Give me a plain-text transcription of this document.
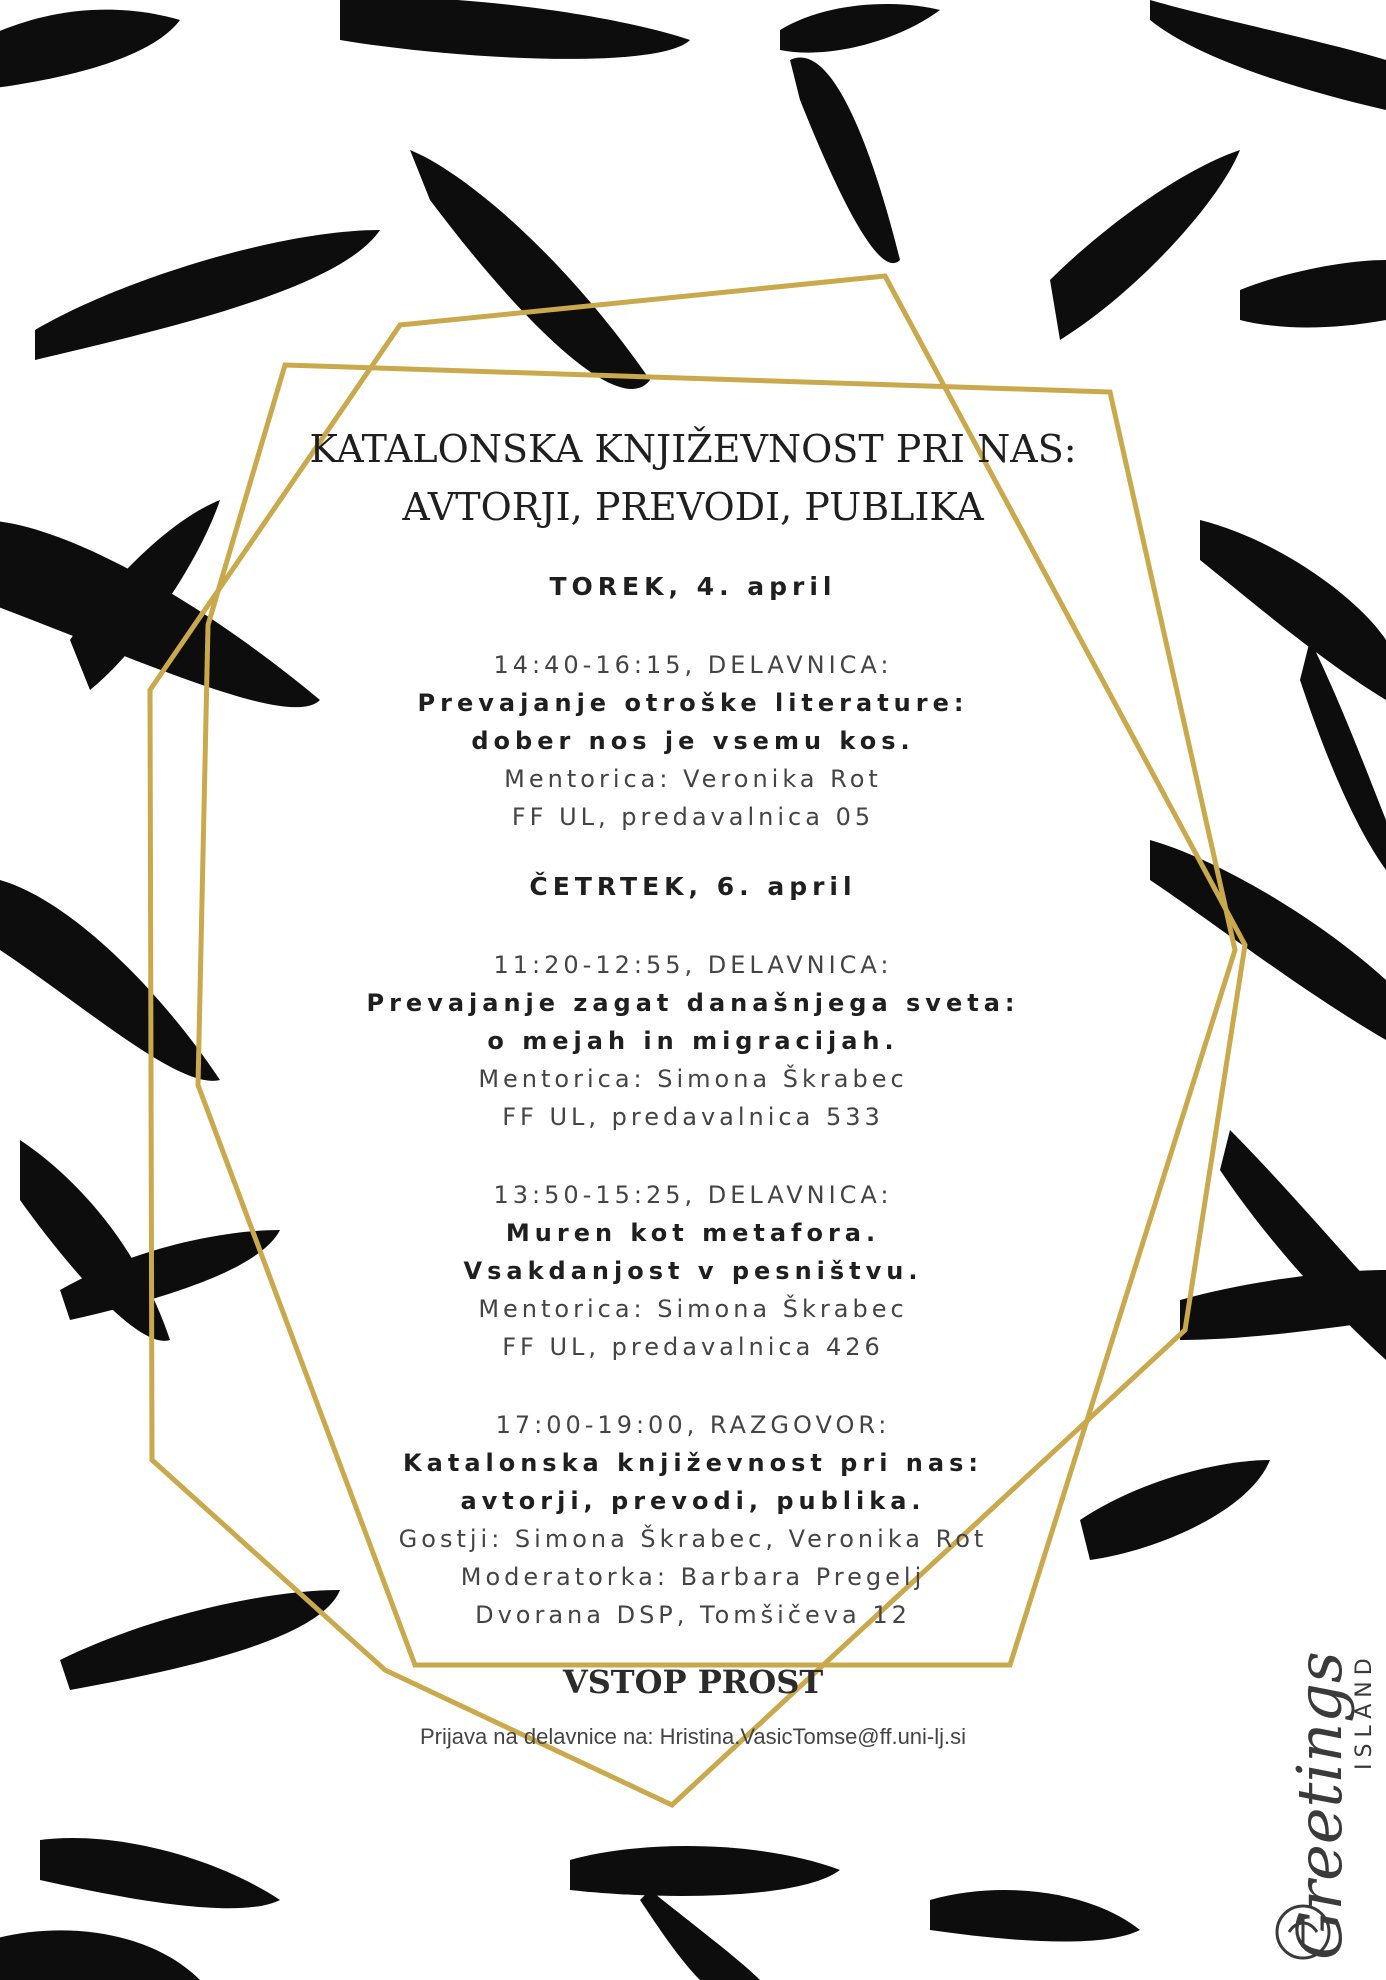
KATALONSKA KNJIŽEVNOST PRI NAS:
AVTORJI, PREVODI, PUBLIKA
TOREK, 4. april
14:40-16:15, DELAVNICA:
Prevajanje otroške literature:
dober nos je vsemu kos.
Mentorica: Veronika Rot
FF UL, predavalnica 05
ČETRTEK, 6. april
11:20-12:55, DELAVNICA:
Prevajanje zagat današnjega sveta:
o mejah in migracijah.
Mentorica: Simona Škrabec
FF UL, predavalnica 533
13:50-15:25, DELAVNICA:
Muren kot metafora.
Vsakdanjost v pesništvu.
Mentorica: Simona Škrabec
FF UL, predavalnica 426
17:00-19:00, RAZGOVOR:
Katalonska književnost pri nas:
avtorji, prevodi, publika.
Gostji: Simona Škrabec, Veronika Rot
Moderatorka: Barbara Pregelj
Dvorana DSP, Tomšičeva 12
VSTOP PROST
Prijava na delavnice na: Hristina.VasicTomse@ff.uni-lj.si	Greetings
ISLAND
